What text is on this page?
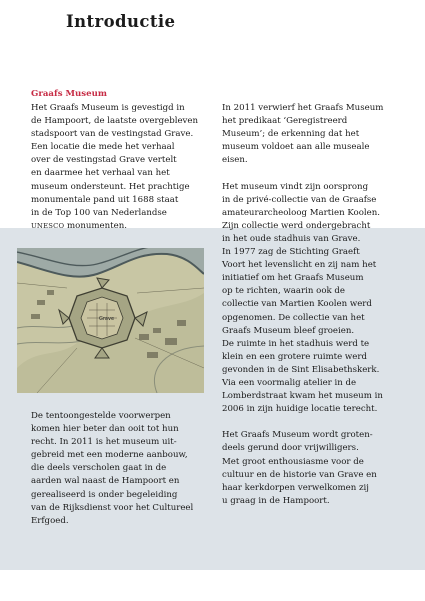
Introductie
Graafs Museum
Het Graafs Museum is gevestigd in
de Hampoort, de laatste overgebleven
stadspoort van de vestingstad Grave.
Een locatie die mede het verhaal
over de vestingstad Grave vertelt
en daarmee het verhaal van het
museum ondersteunt. Het prachtige
monumentale pand uit 1688 staat
in de Top 100 van Nederlandse
UNESCO monumenten.
Grave
De tentoongestelde voorwerpen
komen hier beter dan ooit tot hun
recht. In 2011 is het museum uit-
gebreid met een moderne aanbouw,
die deels verscholen gaat in de
aarden wal naast de Hampoort en
gerealiseerd is onder begeleiding
van de Rijksdienst voor het Cultureel
Erfgoed.
In 2011 verwierf het Graafs Museum
het predikaat ‘Geregistreerd
Museum’; de erkenning dat het
museum voldoet aan alle museale
eisen.
Het museum vindt zijn oorsprong
in de privé-collectie van de Graafse
amateurarcheoloog Martien Koolen.
Zijn collectie werd ondergebracht
in het oude stadhuis van Grave.
In 1977 zag de Stichting Graeft
Voort het levenslicht en zij nam het
initiatief om het Graafs Museum
op te richten, waarin ook de
collectie van Martien Koolen werd
opgenomen. De collectie van het
Graafs Museum bleef groeien.
De ruimte in het stadhuis werd te
klein en een grotere ruimte werd
gevonden in de Sint Elisabethskerk.
Via een voormalig atelier in de
Lomberdstraat kwam het museum in
2006 in zijn huidige locatie terecht.
Het Graafs Museum wordt groten-
deels gerund door vrijwilligers.
Met groot enthousiasme voor de
cultuur en de historie van Grave en
haar kerkdorpen verwelkomen zij
u graag in de Hampoort.
